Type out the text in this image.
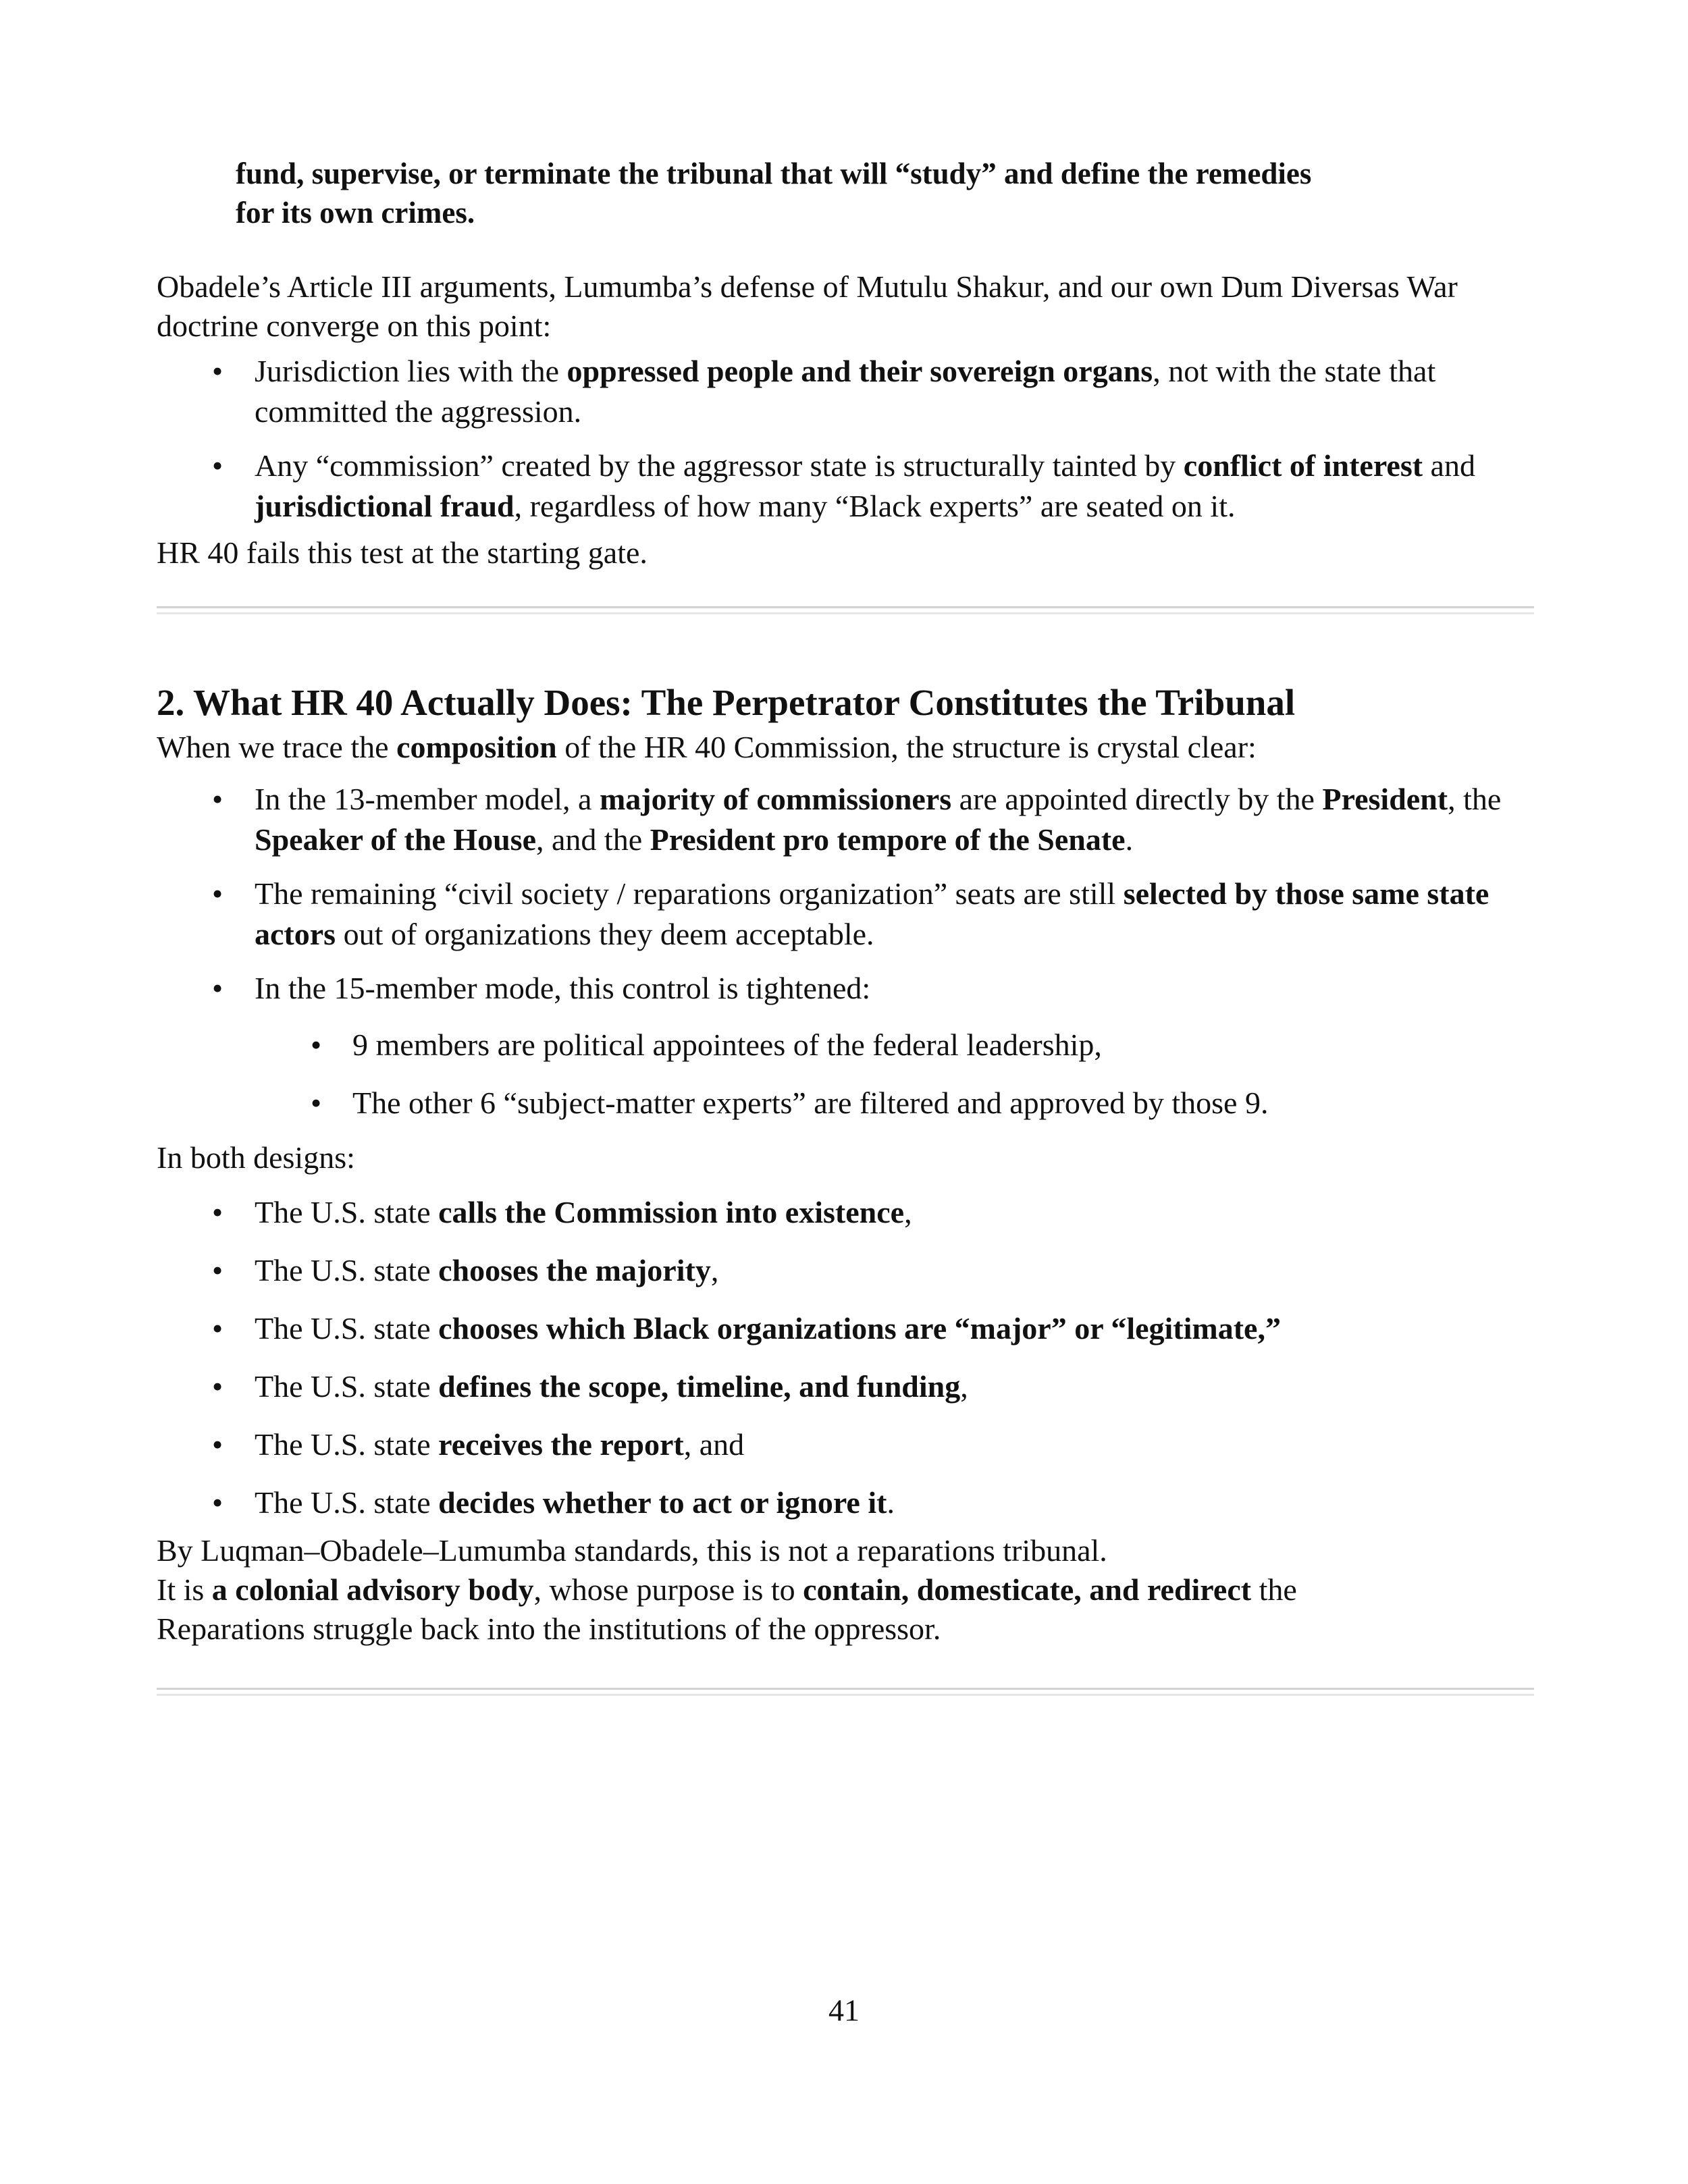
fund, supervise, or terminate the tribunal that will “study” and define the remedies
for its own crimes.

Obadele’s Article III arguments, Lumumba’s defense of Mutulu Shakur, and our own Dum Diversas War doctrine converge on this point:

• Jurisdiction lies with the oppressed people and their sovereign organs, not with the state that committed the aggression.
• Any “commission” created by the aggressor state is structurally tainted by conflict of interest and jurisdictional fraud, regardless of how many “Black experts” are seated on it.

HR 40 fails this test at the starting gate.

2. What HR 40 Actually Does: The Perpetrator Constitutes the Tribunal

When we trace the composition of the HR 40 Commission, the structure is crystal clear:

• In the 13-member model, a majority of commissioners are appointed directly by the President, the Speaker of the House, and the President pro tempore of the Senate.
• The remaining “civil society / reparations organization” seats are still selected by those same state actors out of organizations they deem acceptable.
• In the 15-member mode, this control is tightened:
• 9 members are political appointees of the federal leadership,
• The other 6 “subject-matter experts” are filtered and approved by those 9.

In both designs:

• The U.S. state calls the Commission into existence,
• The U.S. state chooses the majority,
• The U.S. state chooses which Black organizations are “major” or “legitimate,”
• The U.S. state defines the scope, timeline, and funding,
• The U.S. state receives the report, and
• The U.S. state decides whether to act or ignore it.

By Luqman–Obadele–Lumumba standards, this is not a reparations tribunal.

It is a colonial advisory body, whose purpose is to contain, domesticate, and redirect the Reparations struggle back into the institutions of the oppressor.

41
